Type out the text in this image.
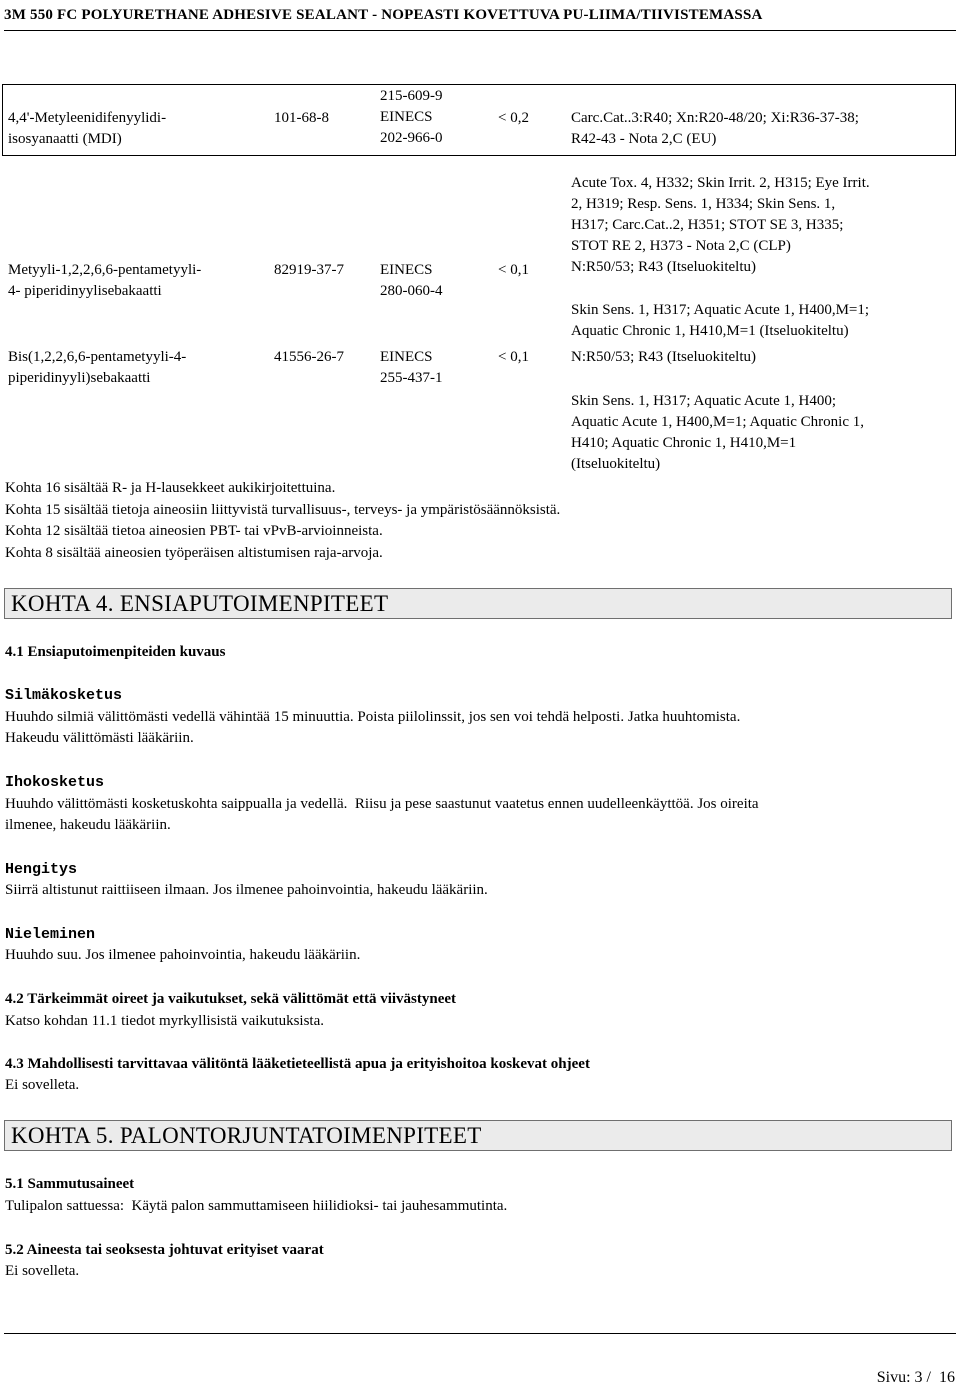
3M 550 FC POLYURETHANE ADHESIVE SEALANT - NOPEASTI KOVETTUVA PU-LIIMA/TIIVISTEMASSA
4,4'-Metyleenidifenyylidi-
isosyanaatti (MDI)
101-68-8
215-609-9
EINECS
202-966-0
< 0,2	Carc.Cat..3:R40; Xn:R20-48/20; Xi:R36-37-38;
R42-43 - Nota 2,C (EU)
Metyyli-1,2,2,6,6-pentametyyli-
4- piperidinyylisebakaatti
82919-37-7 EINECS
280-060-4
< 0,1
Acute Tox. 4, H332; Skin Irrit. 2, H315; Eye Irrit.
2, H319; Resp. Sens. 1, H334; Skin Sens. 1,
H317; Carc.Cat..2, H351; STOT SE 3, H335;
STOT RE 2, H373 - Nota 2,C (CLP)
N:R50/53; R43 (Itseluokiteltu)
Skin Sens. 1, H317; Aquatic Acute 1, H400,M=1;
Aquatic Chronic 1, H410,M=1 (Itseluokiteltu)
Bis(1,2,2,6,6-pentametyyli-4-
piperidinyyli)sebakaatti
41556-26-7 EINECS
255-437-1
< 0,1	N:R50/53; R43 (Itseluokiteltu)
Skin Sens. 1, H317; Aquatic Acute 1, H400;
Aquatic Acute 1, H400,M=1; Aquatic Chronic 1,
H410; Aquatic Chronic 1, H410,M=1
(Itseluokiteltu)
Kohta 16 sisältää R- ja H-lausekkeet aukikirjoitettuina.
Kohta 15 sisältää tietoja aineosiin liittyvistä turvallisuus-, terveys- ja ympäristösäännöksistä.
Kohta 12 sisältää tietoa aineosien PBT- tai vPvB-arvioinneista.
Kohta 8 sisältää aineosien työperäisen altistumisen raja-arvoja.
KOHTA 4. ENSIAPUTOIMENPITEET
4.1 Ensiaputoimenpiteiden kuvaus
Silmäkosketus
Huuhdo silmiä välittömästi vedellä vähintää 15 minuuttia. Poista piilolinssit, jos sen voi tehdä helposti. Jatka huuhtomista.
Hakeudu välittömästi lääkäriin.
Ihokosketus
Huuhdo välittömästi kosketuskohta saippualla ja vedellä.  Riisu ja pese saastunut vaatetus ennen uudelleenkäyttöä. Jos oireita
ilmenee, hakeudu lääkäriin.
Hengitys
Siirrä altistunut raittiiseen ilmaan. Jos ilmenee pahoinvointia, hakeudu lääkäriin.
Nieleminen
Huuhdo suu. Jos ilmenee pahoinvointia, hakeudu lääkäriin.
4.2 Tärkeimmät oireet ja vaikutukset, sekä välittömät että viivästyneet
Katso kohdan 11.1 tiedot myrkyllisistä vaikutuksista.
4.3 Mahdollisesti tarvittavaa välitöntä lääketieteellistä apua ja erityishoitoa koskevat ohjeet
Ei sovelleta.
KOHTA 5. PALONTORJUNTATOIMENPITEET
5.1 Sammutusaineet
Tulipalon sattuessa:  Käytä palon sammuttamiseen hiilidioksi- tai jauhesammutinta.
5.2 Aineesta tai seoksesta johtuvat erityiset vaarat
Ei sovelleta.
Sivu: 3 /  16
